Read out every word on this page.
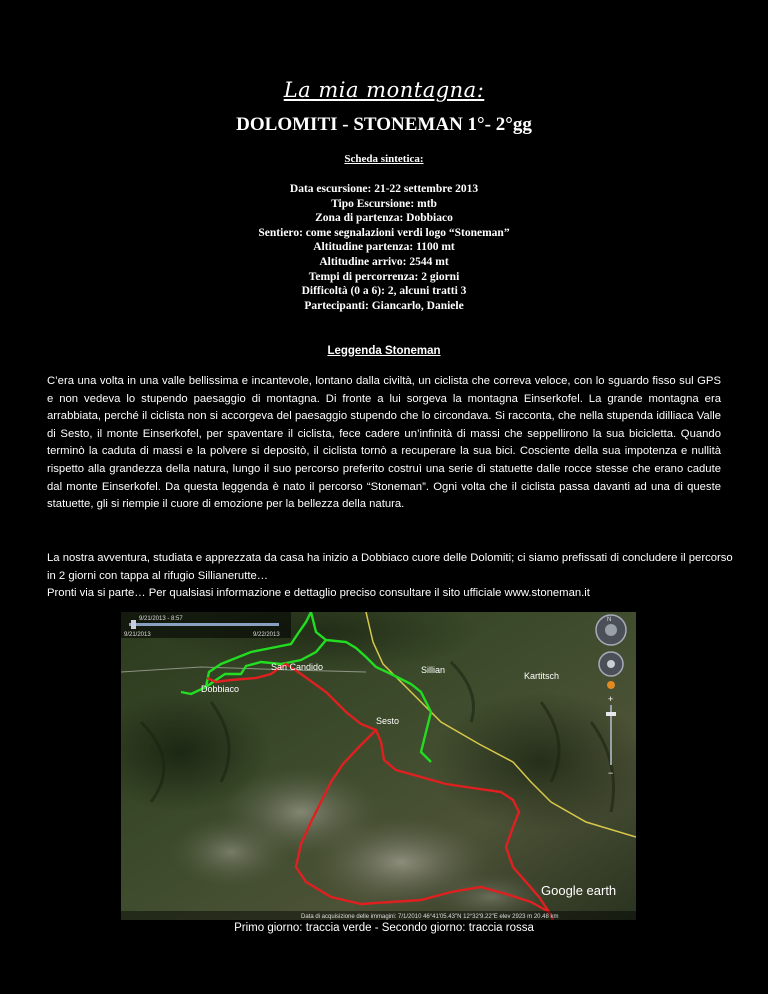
La mia montagna:
DOLOMITI - STONEMAN 1°- 2°gg
Scheda sintetica:
Data escursione: 21-22 settembre 2013
Tipo Escursione: mtb
Zona di partenza: Dobbiaco
Sentiero: come segnalazioni verdi logo “Stoneman”
Altitudine partenza: 1100 mt
Altitudine arrivo: 2544 mt
Tempi di percorrenza: 2 giorni
Difficoltà (0 a 6): 2, alcuni tratti 3
Partecipanti: Giancarlo, Daniele
Leggenda Stoneman
C’era una volta in una valle bellissima e incantevole, lontano dalla civiltà, un ciclista che correva veloce, con lo sguardo fisso sul GPS e non vedeva lo stupendo paesaggio di montagna. Di fronte a lui sorgeva la montagna Einserkofel. La grande montagna era arrabbiata, perché il ciclista non si accorgeva del paesaggio stupendo che lo circondava. Si racconta, che nella stupenda idilliaca Valle di Sesto, il monte Einserkofel, per spaventare il ciclista, fece cadere un’infinità di massi che seppellirono la sua bicicletta. Quando terminò la caduta di massi e la polvere si depositò, il ciclista tornò a recuperare la sua bici. Cosciente della sua impotenza e nullità rispetto alla grandezza della natura, lungo il suo percorso preferito costruì una serie di statuette dalle rocce stesse che erano cadute dal monte Einserkofel. Da questa leggenda è nato il percorso “Stoneman”. Ogni volta che il ciclista passa davanti ad una di queste statuette, gli si riempie il cuore di emozione per la bellezza della natura.
La nostra avventura, studiata e apprezzata da casa ha inizio a Dobbiaco cuore delle Dolomiti; ci siamo prefissati di concludere il percorso in 2 giorni con tappa al rifugio Sillianerutte…
Pronti via si parte… Per qualsiasi informazione e dettaglio preciso consultare il sito ufficiale www.stoneman.it
9/21/2013 - 8:57
9/21/2013	9/22/2013
N
+
−
Dobbiaco
San Candido	Sillian
Kartitsch
Sesto
Google earth
Data di acquisizione delle immagini: 7/1/2010 46°41'05.43"N 12°32'9.22"E elev 2923 m 20.48 km
Primo giorno: traccia verde - Secondo giorno: traccia rossa
